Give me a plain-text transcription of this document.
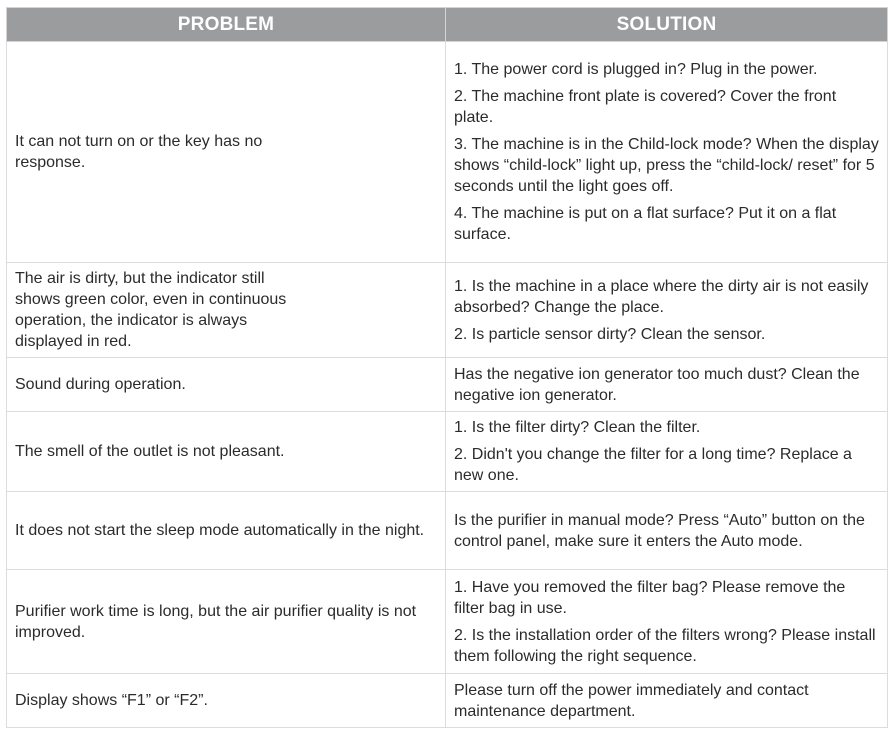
PROBLEM	SOLUTION
It can not turn on or the key has no response.	1. The power cord is plugged in? Plug in the power.

2. The machine front plate is covered? Cover the front plate.

3. The machine is in the Child-lock mode? When the display shows “child-lock” light up, press the “child-lock/ reset” for 5 seconds until the light goes off.

4. The machine is put on a flat surface? Put it on a flat surface.

The air is dirty, but the indicator still shows green color, even in continuous operation, the indicator is always displayed in red.	1. Is the machine in a place where the dirty air is not easily absorbed? Change the place.

2. Is particle sensor dirty? Clean the sensor.

Sound during operation.	Has the negative ion generator too much dust? Clean the negative ion generator.

The smell of the outlet is not pleasant.	1. Is the filter dirty? Clean the filter.

2. Didn't you change the filter for a long time? Replace a new one.

It does not start the sleep mode automatically in the night.	Is the purifier in manual mode? Press “Auto” button on the control panel, make sure it enters the Auto mode.

Purifier work time is long, but the air purifier quality is not improved.	1. Have you removed the filter bag? Please remove the filter bag in use.

2. Is the installation order of the filters wrong? Please install them following the right sequence.

Display shows “F1” or “F2”.	Please turn off the power immediately and contact maintenance department.
